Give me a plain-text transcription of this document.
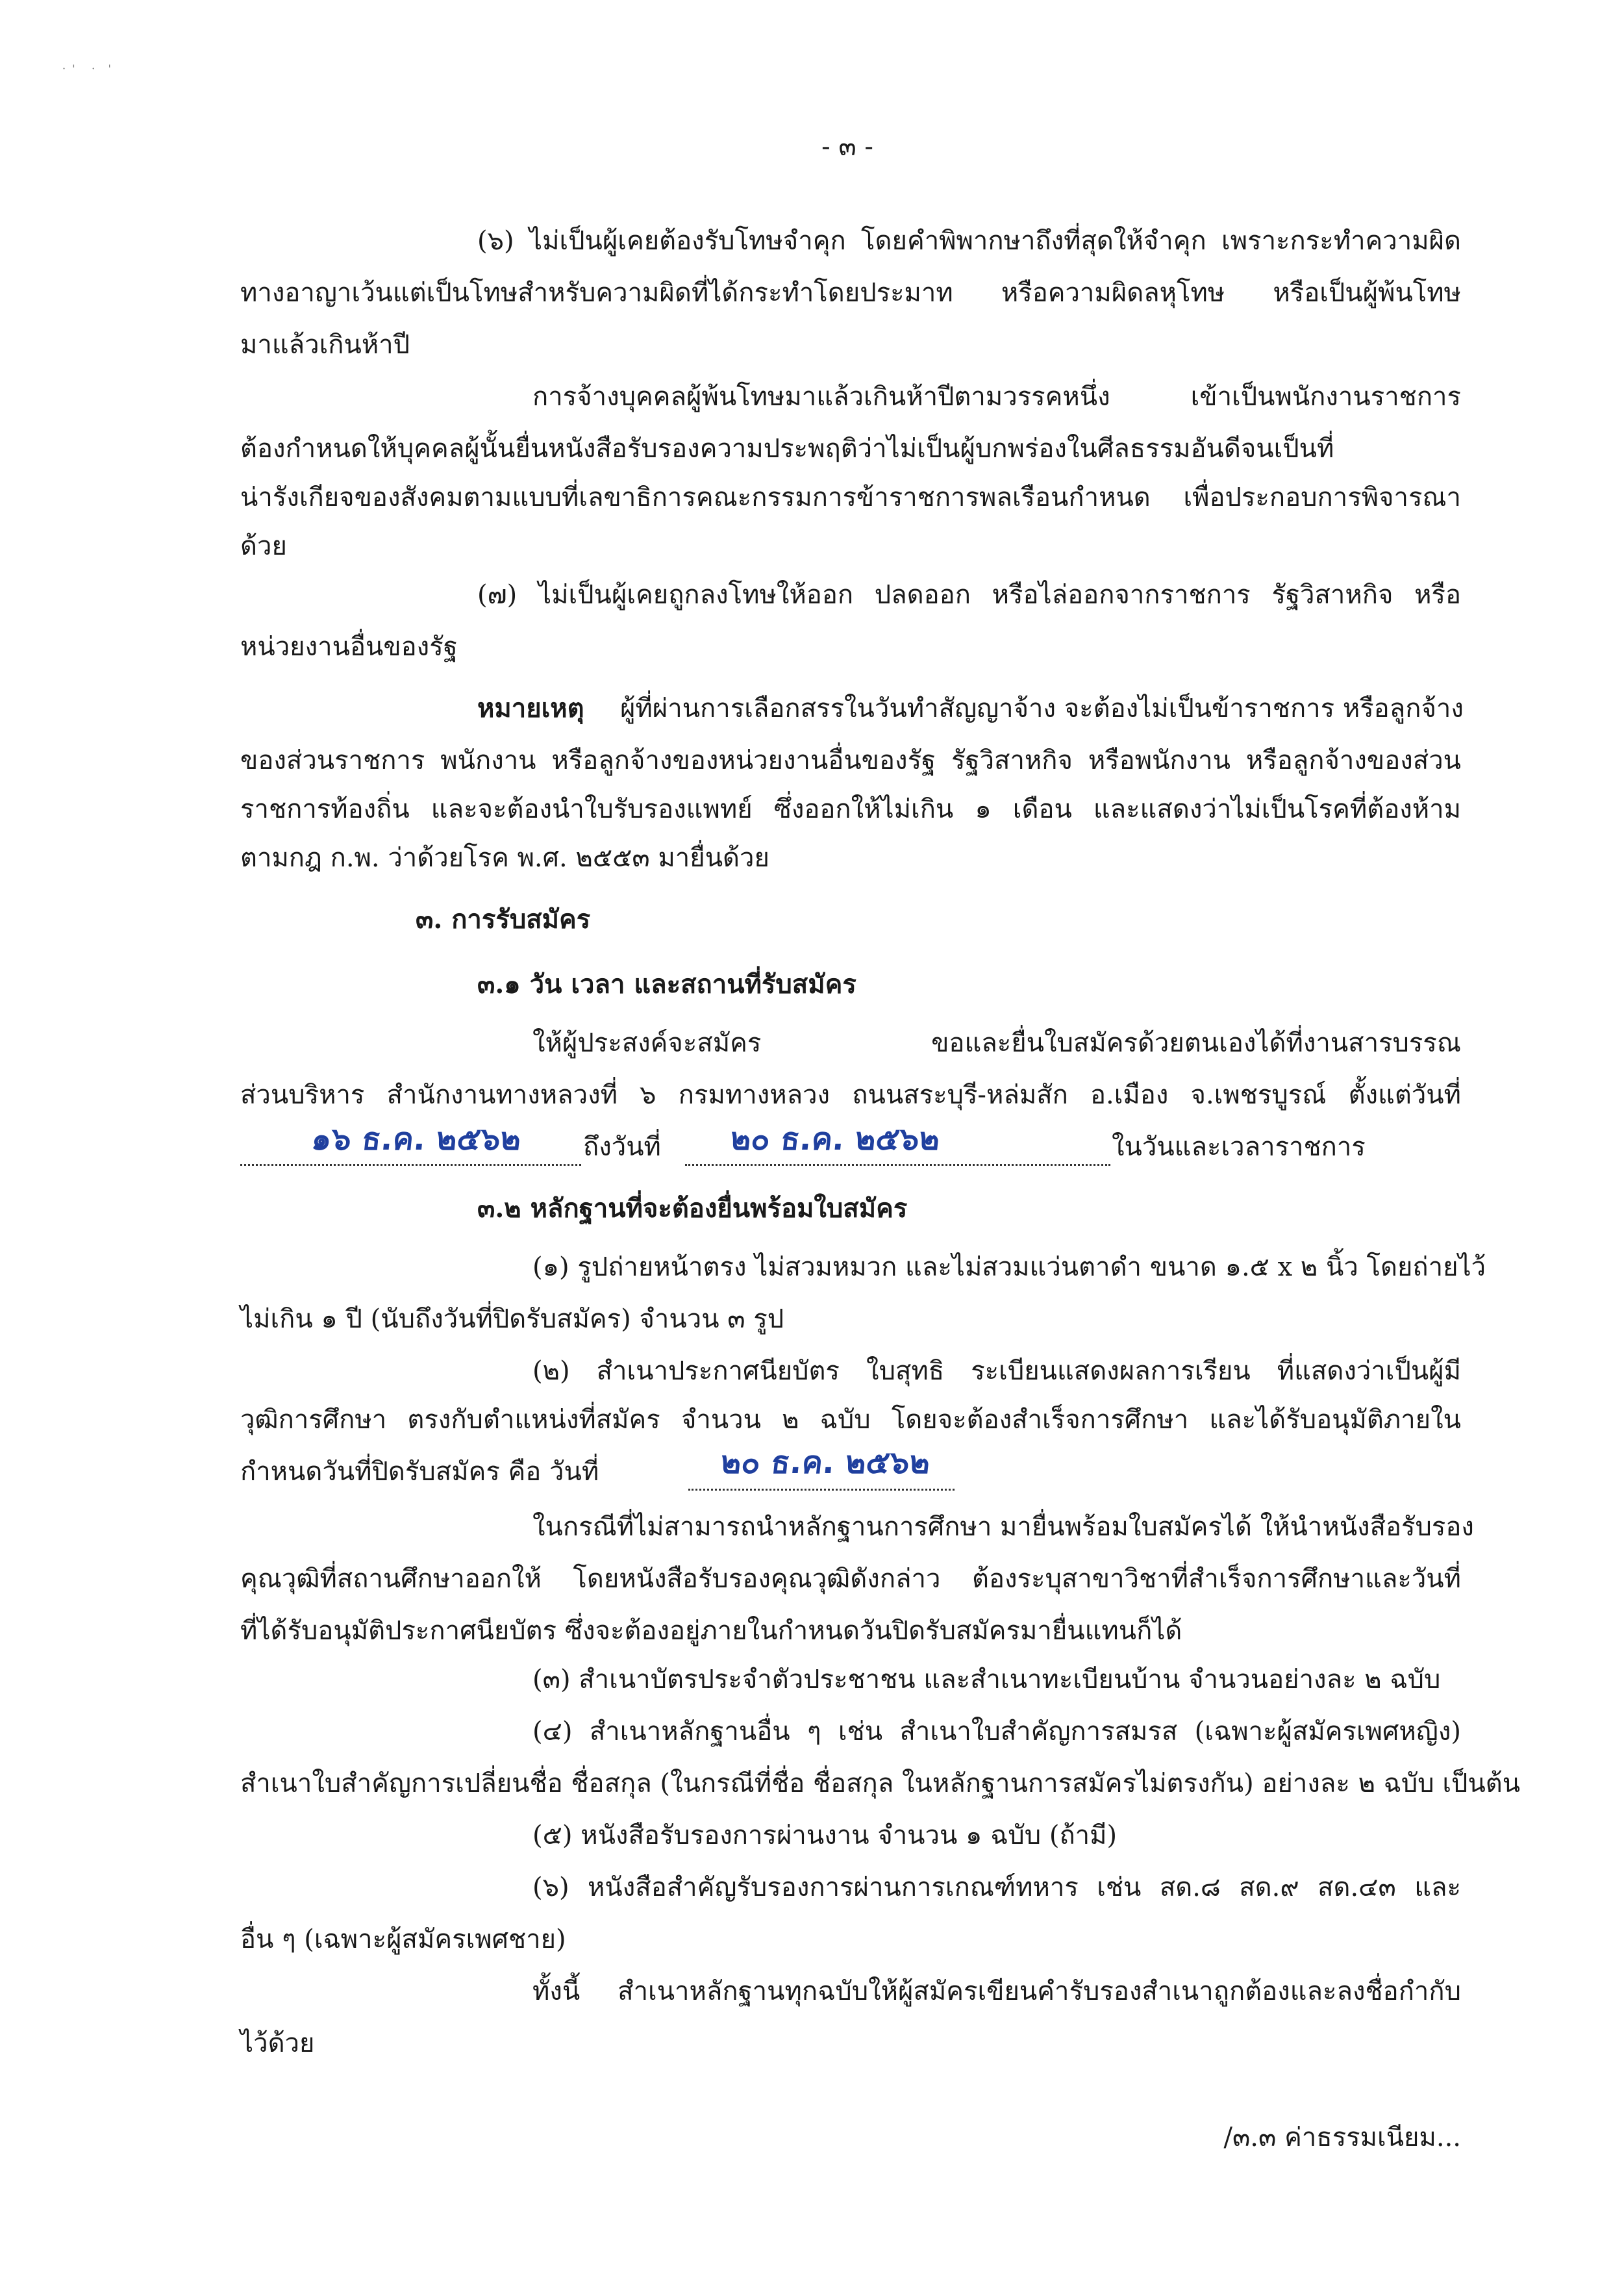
·  '     ·    '
- ๓ -
(๖) ไม่เป็นผู้เคยต้องรับโทษจำคุก โดยคำพิพากษาถึงที่สุดให้จำคุก เพราะกระทำความผิด
ทางอาญาเว้นแต่เป็นโทษสำหรับความผิดที่ได้กระทำโดยประมาท หรือความผิดลหุโทษ หรือเป็นผู้พ้นโทษ
มาแล้วเกินห้าปี
การจ้างบุคคลผู้พ้นโทษมาแล้วเกินห้าปีตามวรรคหนึ่ง เข้าเป็นพนักงานราชการ
ต้องกำหนดให้บุคคลผู้นั้นยื่นหนังสือรับรองความประพฤติว่าไม่เป็นผู้บกพร่องในศีลธรรมอันดีจนเป็นที่
น่ารังเกียจของสังคมตามแบบที่เลขาธิการคณะกรรมการข้าราชการพลเรือนกำหนด เพื่อประกอบการพิจารณา
ด้วย
(๗) ไม่เป็นผู้เคยถูกลงโทษให้ออก ปลดออก หรือไล่ออกจากราชการ รัฐวิสาหกิจ หรือ
หน่วยงานอื่นของรัฐ
หมายเหตุ ผู้ที่ผ่านการเลือกสรรในวันทำสัญญาจ้าง จะต้องไม่เป็นข้าราชการ หรือลูกจ้าง
ของส่วนราชการ พนักงาน หรือลูกจ้างของหน่วยงานอื่นของรัฐ รัฐวิสาหกิจ หรือพนักงาน หรือลูกจ้างของส่วน
ราชการท้องถิ่น และจะต้องนำใบรับรองแพทย์ ซึ่งออกให้ไม่เกิน ๑ เดือน และแสดงว่าไม่เป็นโรคที่ต้องห้าม
ตามกฎ ก.พ. ว่าด้วยโรค พ.ศ. ๒๕๕๓ มายื่นด้วย
๓. การรับสมัคร
๓.๑ วัน เวลา และสถานที่รับสมัคร
ให้ผู้ประสงค์จะสมัคร ขอและยื่นใบสมัครด้วยตนเองได้ที่งานสารบรรณ
ส่วนบริหาร สำนักงานทางหลวงที่ ๖ กรมทางหลวง ถนนสระบุรี-หล่มสัก อ.เมือง จ.เพชรบูรณ์ ตั้งแต่วันที่
๑๖ ธ.ค. ๒๕๖๒ ถึงวันที่ ๒๐ ธ.ค. ๒๕๖๒	ในวันและเวลาราชการ
๓.๒ หลักฐานที่จะต้องยื่นพร้อมใบสมัคร
(๑) รูปถ่ายหน้าตรง ไม่สวมหมวก และไม่สวมแว่นตาดำ ขนาด ๑.๕ x ๒ นิ้ว โดยถ่ายไว้
ไม่เกิน ๑ ปี (นับถึงวันที่ปิดรับสมัคร) จำนวน ๓ รูป
(๒) สำเนาประกาศนียบัตร ใบสุทธิ ระเบียนแสดงผลการเรียน ที่แสดงว่าเป็นผู้มี
วุฒิการศึกษา ตรงกับตำแหน่งที่สมัคร จำนวน ๒ ฉบับ โดยจะต้องสำเร็จการศึกษา และได้รับอนุมัติภายใน
กำหนดวันที่ปิดรับสมัคร คือ วันที่	๒๐ ธ.ค. ๒๕๖๒
ในกรณีที่ไม่สามารถนำหลักฐานการศึกษา มายื่นพร้อมใบสมัครได้ ให้นำหนังสือรับรอง
คุณวุฒิที่สถานศึกษาออกให้ โดยหนังสือรับรองคุณวุฒิดังกล่าว ต้องระบุสาขาวิชาที่สำเร็จการศึกษาและวันที่
ที่ได้รับอนุมัติประกาศนียบัตร ซึ่งจะต้องอยู่ภายในกำหนดวันปิดรับสมัครมายื่นแทนก็ได้
(๓) สำเนาบัตรประจำตัวประชาชน และสำเนาทะเบียนบ้าน จำนวนอย่างละ ๒ ฉบับ
(๔) สำเนาหลักฐานอื่น ๆ เช่น สำเนาใบสำคัญการสมรส (เฉพาะผู้สมัครเพศหญิง)
สำเนาใบสำคัญการเปลี่ยนชื่อ ชื่อสกุล (ในกรณีที่ชื่อ ชื่อสกุล ในหลักฐานการสมัครไม่ตรงกัน) อย่างละ ๒ ฉบับ เป็นต้น
(๕) หนังสือรับรองการผ่านงาน จำนวน ๑ ฉบับ (ถ้ามี)
(๖) หนังสือสำคัญรับรองการผ่านการเกณฑ์ทหาร เช่น สด.๘ สด.๙ สด.๔๓ และ
อื่น ๆ (เฉพาะผู้สมัครเพศชาย)
ทั้งนี้ สำเนาหลักฐานทุกฉบับให้ผู้สมัครเขียนคำรับรองสำเนาถูกต้องและลงชื่อกำกับ
ไว้ด้วย
/๓.๓ ค่าธรรมเนียม...
